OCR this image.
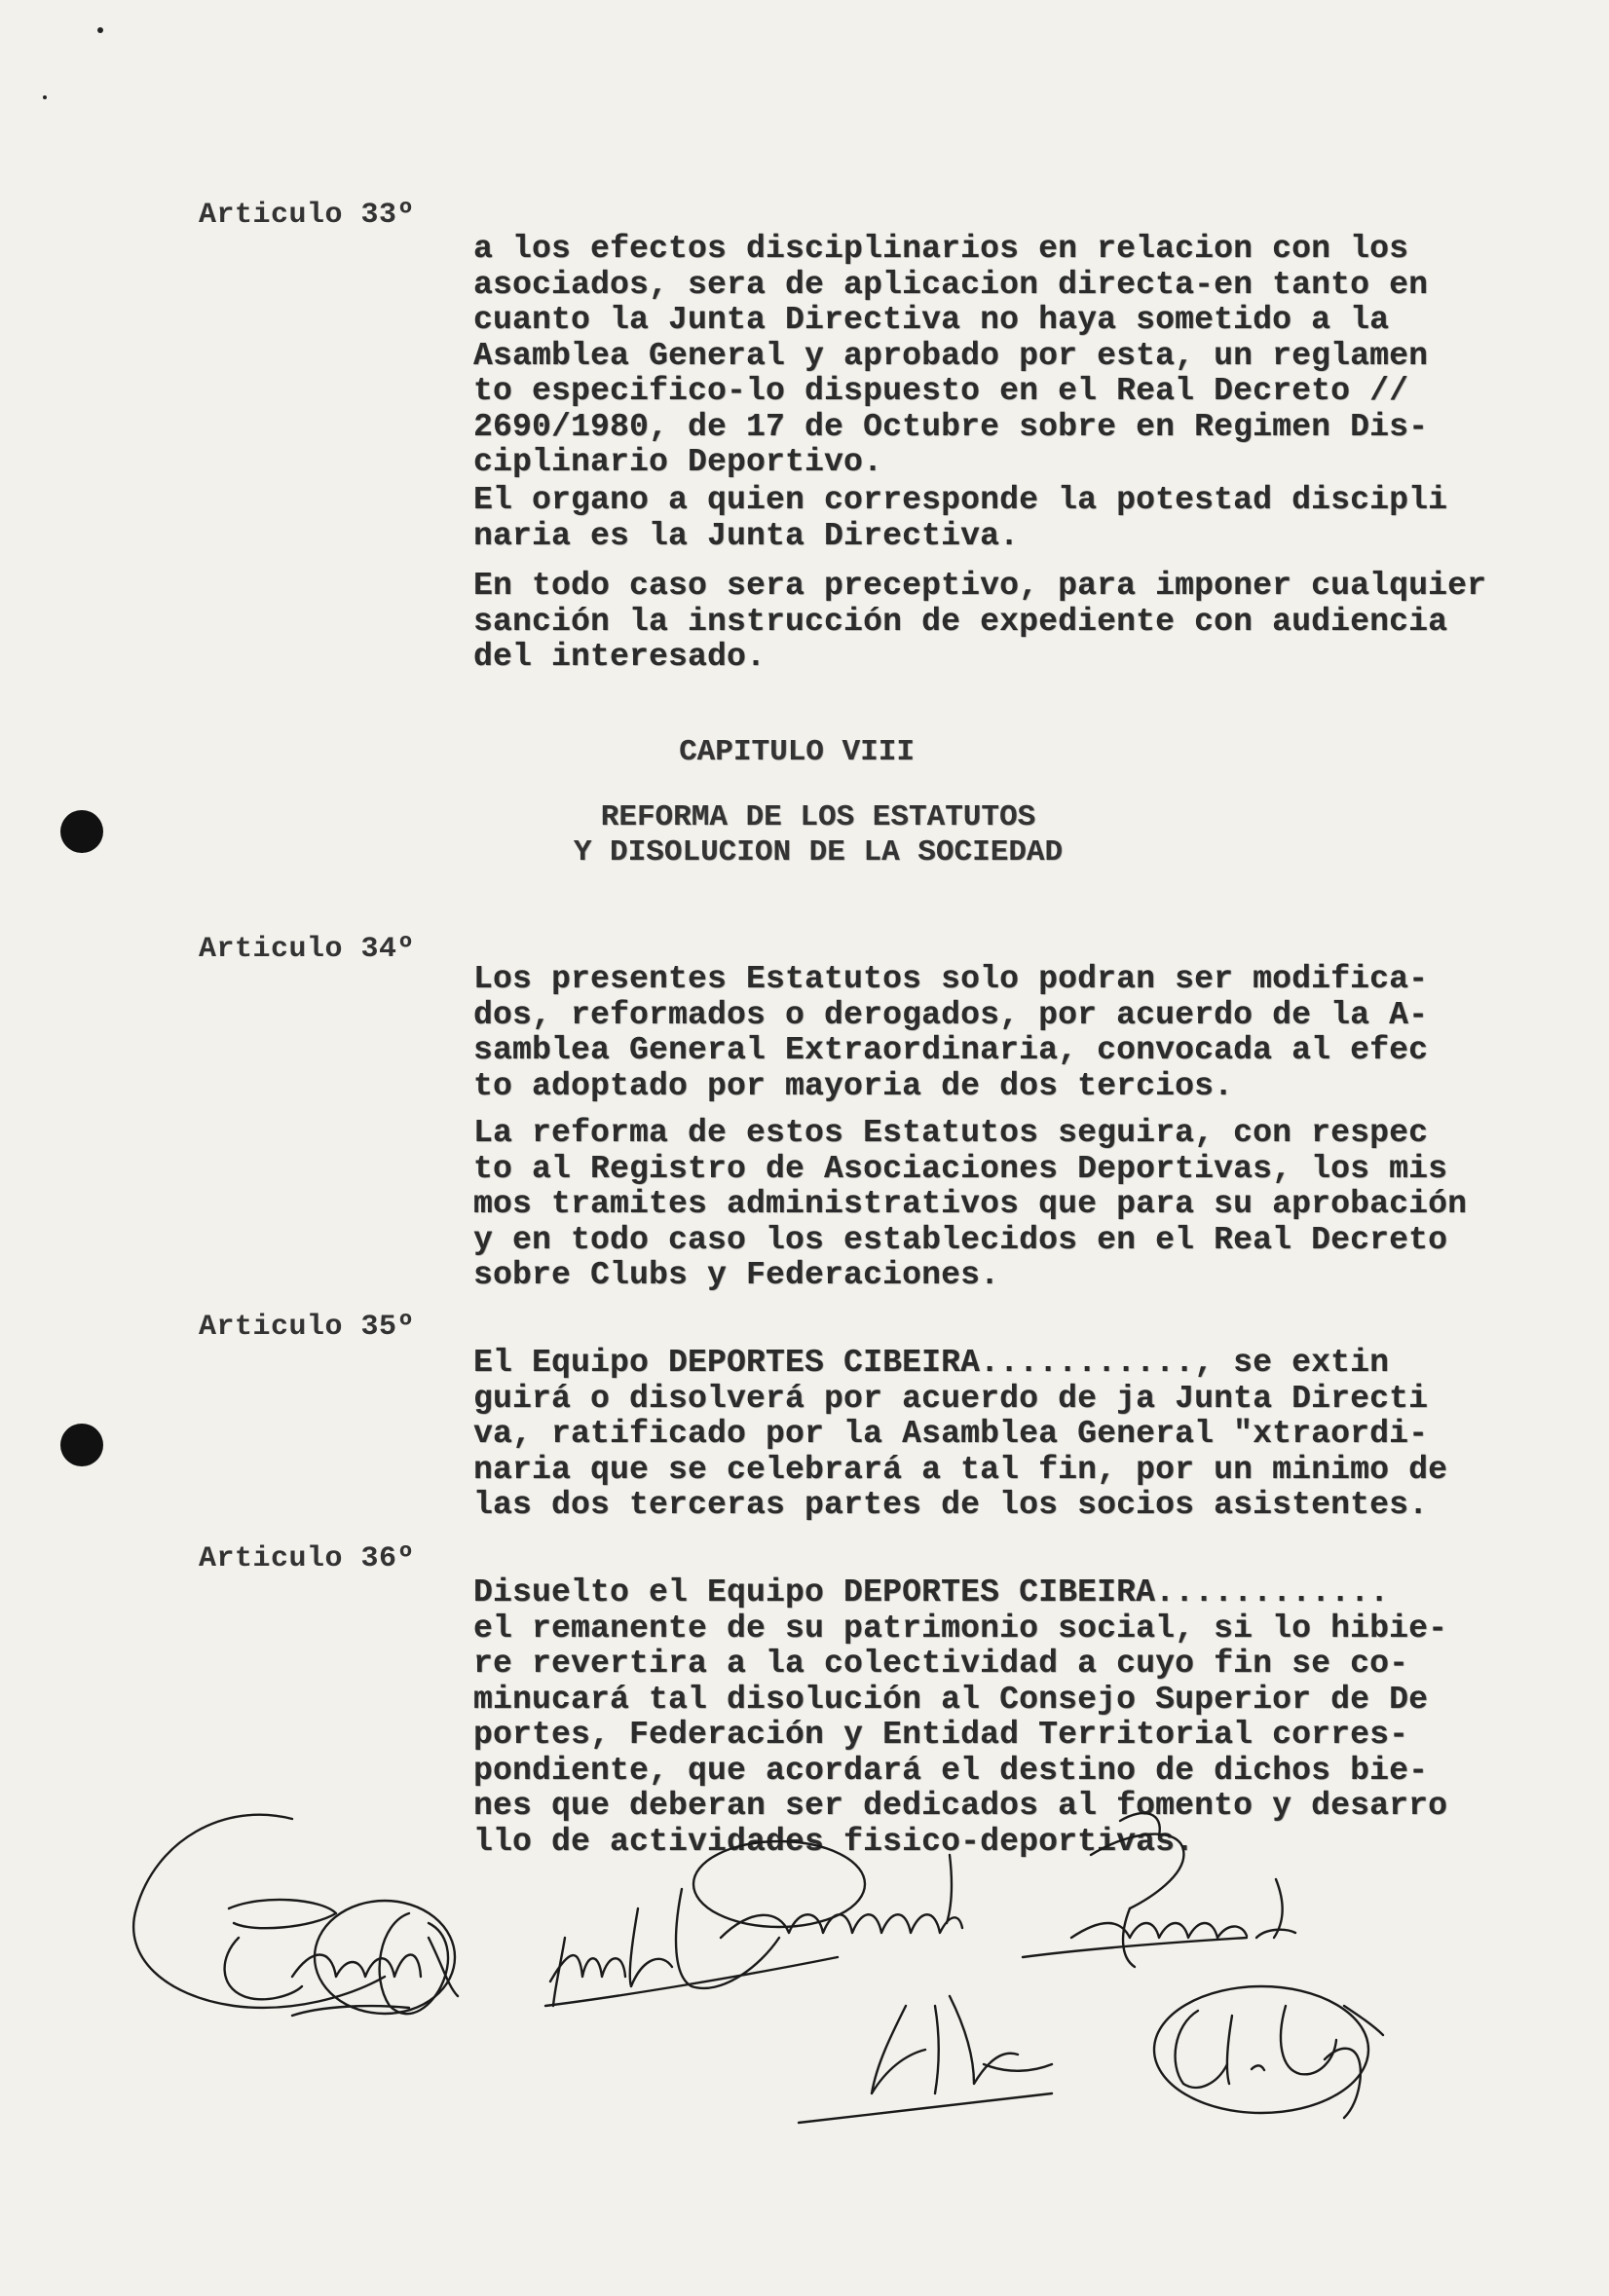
Articulo 33º
a los efectos disciplinarios en relacion con los
asociados, sera de aplicacion directa-en tanto en
cuanto la Junta Directiva no haya sometido a la
Asamblea General y aprobado por esta, un reglamen
to especifico-lo dispuesto en el Real Decreto //
2690/1980, de 17 de Octubre sobre en Regimen Dis-
ciplinario Deportivo.
El organo a quien corresponde la potestad discipli
naria es la Junta Directiva.
En todo caso sera preceptivo, para imponer cualquier
sanción la instrucción de expediente con audiencia
del interesado.
CAPITULO VIII
REFORMA DE LOS ESTATUTOS
Y DISOLUCION DE LA SOCIEDAD
Articulo 34º
Los presentes Estatutos solo podran ser modifica-
dos, reformados o derogados, por acuerdo de la A-
samblea General Extraordinaria, convocada al efec
to adoptado por mayoria de dos tercios.
La reforma de estos Estatutos seguira, con respec
to al Registro de Asociaciones Deportivas, los mis
mos tramites administrativos que para su aprobación
y en todo caso los establecidos en el Real Decreto
sobre Clubs y Federaciones.
Articulo 35º
El Equipo DEPORTES CIBEIRA..........., se extin
guirá o disolverá por acuerdo de ja Junta Directi
va, ratificado por la Asamblea General "xtraordi-
naria que se celebrará a tal fin, por un minimo de
las dos terceras partes de los socios asistentes.
Articulo 36º
Disuelto el Equipo DEPORTES CIBEIRA............
el remanente de su patrimonio social, si lo hibie-
re revertira a la colectividad a cuyo fin se co-
minucará tal disolución al Consejo Superior de De
portes, Federación y Entidad Territorial corres-
pondiente, que acordará el destino de dichos bie-
nes que deberan ser dedicados al fomento y desarro
llo de actividades fisico-deportivas.
